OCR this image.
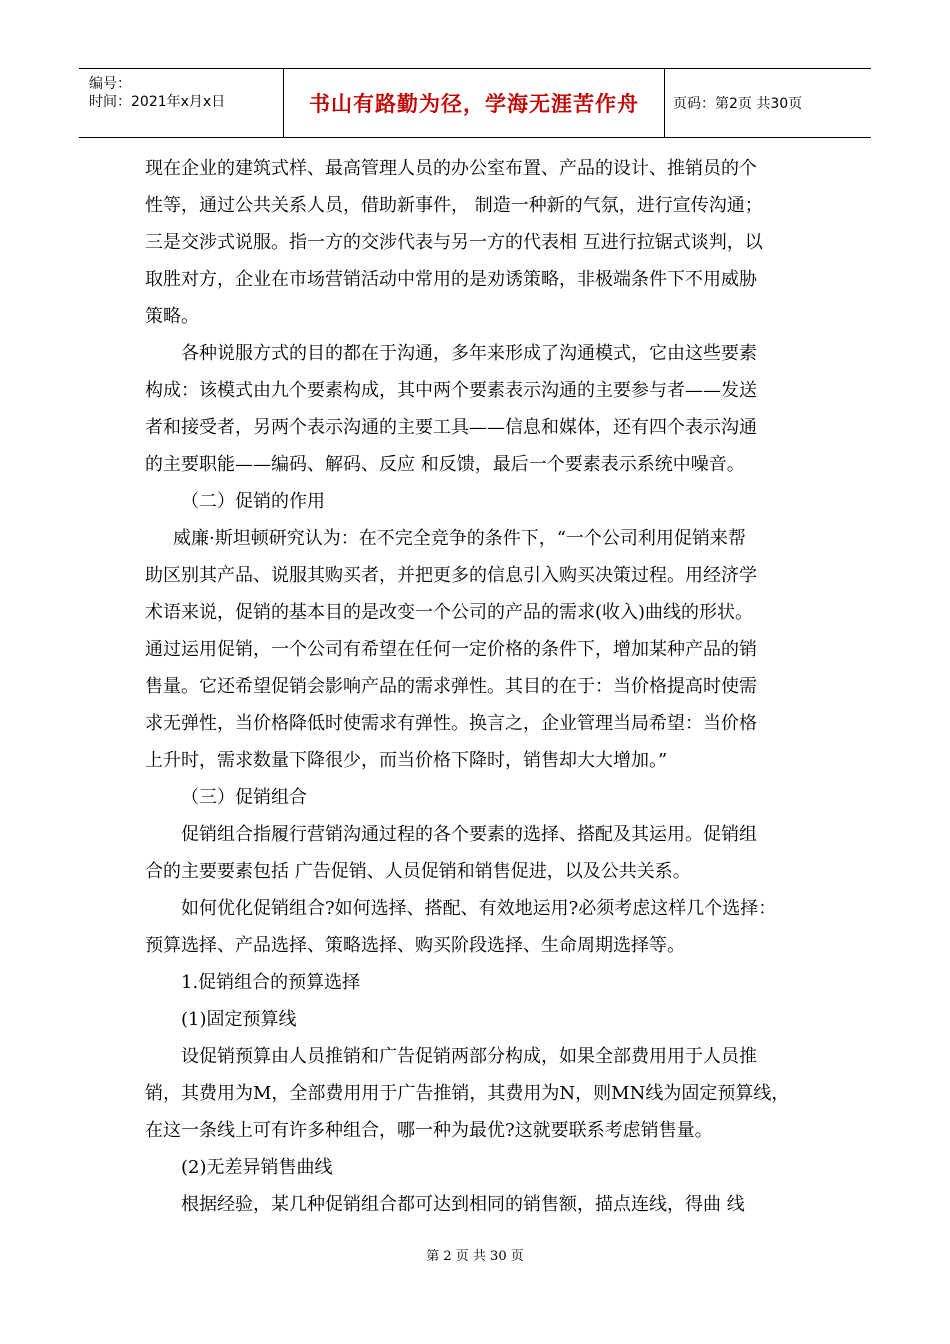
编号：
时间：2021年x月x日	书山有路勤为径，学海无涯苦作舟 页码：第2页 共30页

现在企业的建筑式样、最高管理人员的办公室布置、产品的设计、推销员的个

性等，通过公共关系人员，借助新事件， 制造一种新的气氛，进行宣传沟通；

三是交涉式说服。指一方的交涉代表与另一方的代表相 互进行拉锯式谈判，以

取胜对方，企业在市场营销活动中常用的是劝诱策略，非极端条件下不用威胁

策略。

各种说服方式的目的都在于沟通，多年来形成了沟通模式，它由这些要素

构成：该模式由九个要素构成，其中两个要素表示沟通的主要参与者——发送

者和接受者，另两个表示沟通的主要工具——信息和媒体，还有四个表示沟通

的主要职能——编码、解码、反应 和反馈，最后一个要素表示系统中噪音。

（二）促销的作用

威廉·斯坦顿研究认为：在不完全竞争的条件下，“一个公司利用促销来帮

助区别其产品、说服其购买者，并把更多的信息引入购买决策过程。用经济学

术语来说，促销的基本目的是改变一个公司的产品的需求(收入)曲线的形状。

通过运用促销，一个公司有希望在任何一定价格的条件下，增加某种产品的销

售量。它还希望促销会影响产品的需求弹性。其目的在于：当价格提高时使需

求无弹性，当价格降低时使需求有弹性。换言之，企业管理当局希望：当价格

上升时，需求数量下降很少，而当价格下降时，销售却大大增加。”

（三）促销组合

促销组合指履行营销沟通过程的各个要素的选择、搭配及其运用。促销组

合的主要要素包括 广告促销、人员促销和销售促进，以及公共关系。

如何优化促销组合?如何选择、搭配、有效地运用?必须考虑这样几个选择：

预算选择、产品选择、策略选择、购买阶段选择、生命周期选择等。

1.促销组合的预算选择

(1)固定预算线

设促销预算由人员推销和广告促销两部分构成，如果全部费用用于人员推

销，其费用为M，全部费用用于广告推销，其费用为N，则MN线为固定预算线，

在这一条线上可有许多种组合，哪一种为最优?这就要联系考虑销售量。

(2)无差异销售曲线

根据经验，某几种促销组合都可达到相同的销售额，描点连线，得曲 线

第 2 页 共 30 页
